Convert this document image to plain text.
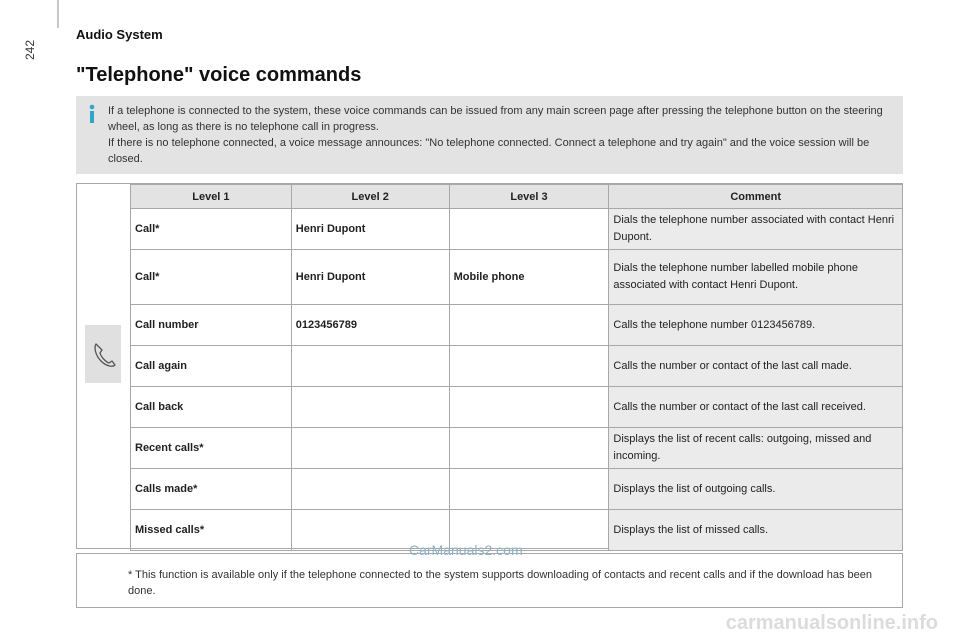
242
Audio System
"Telephone" voice commands

If a telephone is connected to the system, these voice commands can be issued from any main screen page after pressing the telephone button on the steering wheel, as long as there is no telephone call in progress.
If there is no telephone connected, a voice message announces: "No telephone connected. Connect a telephone and try again" and the voice session will be closed.

Level 1	Level 2	Level 3	Comment
Call*	Henri Dupont		Dials the telephone number associated with contact Henri Dupont.
Call*	Henri Dupont	Mobile phone	Dials the telephone number labelled mobile phone associated with contact Henri Dupont.
Call number	0123456789		Calls the telephone number 0123456789.
Call again			Calls the number or contact of the last call made.
Call back			Calls the number or contact of the last call received.
Recent calls*			Displays the list of recent calls: outgoing, missed and incoming.
Calls made*			Displays the list of outgoing calls.
Missed calls*			Displays the list of missed calls.

* This function is available only if the telephone connected to the system supports downloading of contacts and recent calls and if the download has been done.

CarManuals2.com
carmanualsonline.info
